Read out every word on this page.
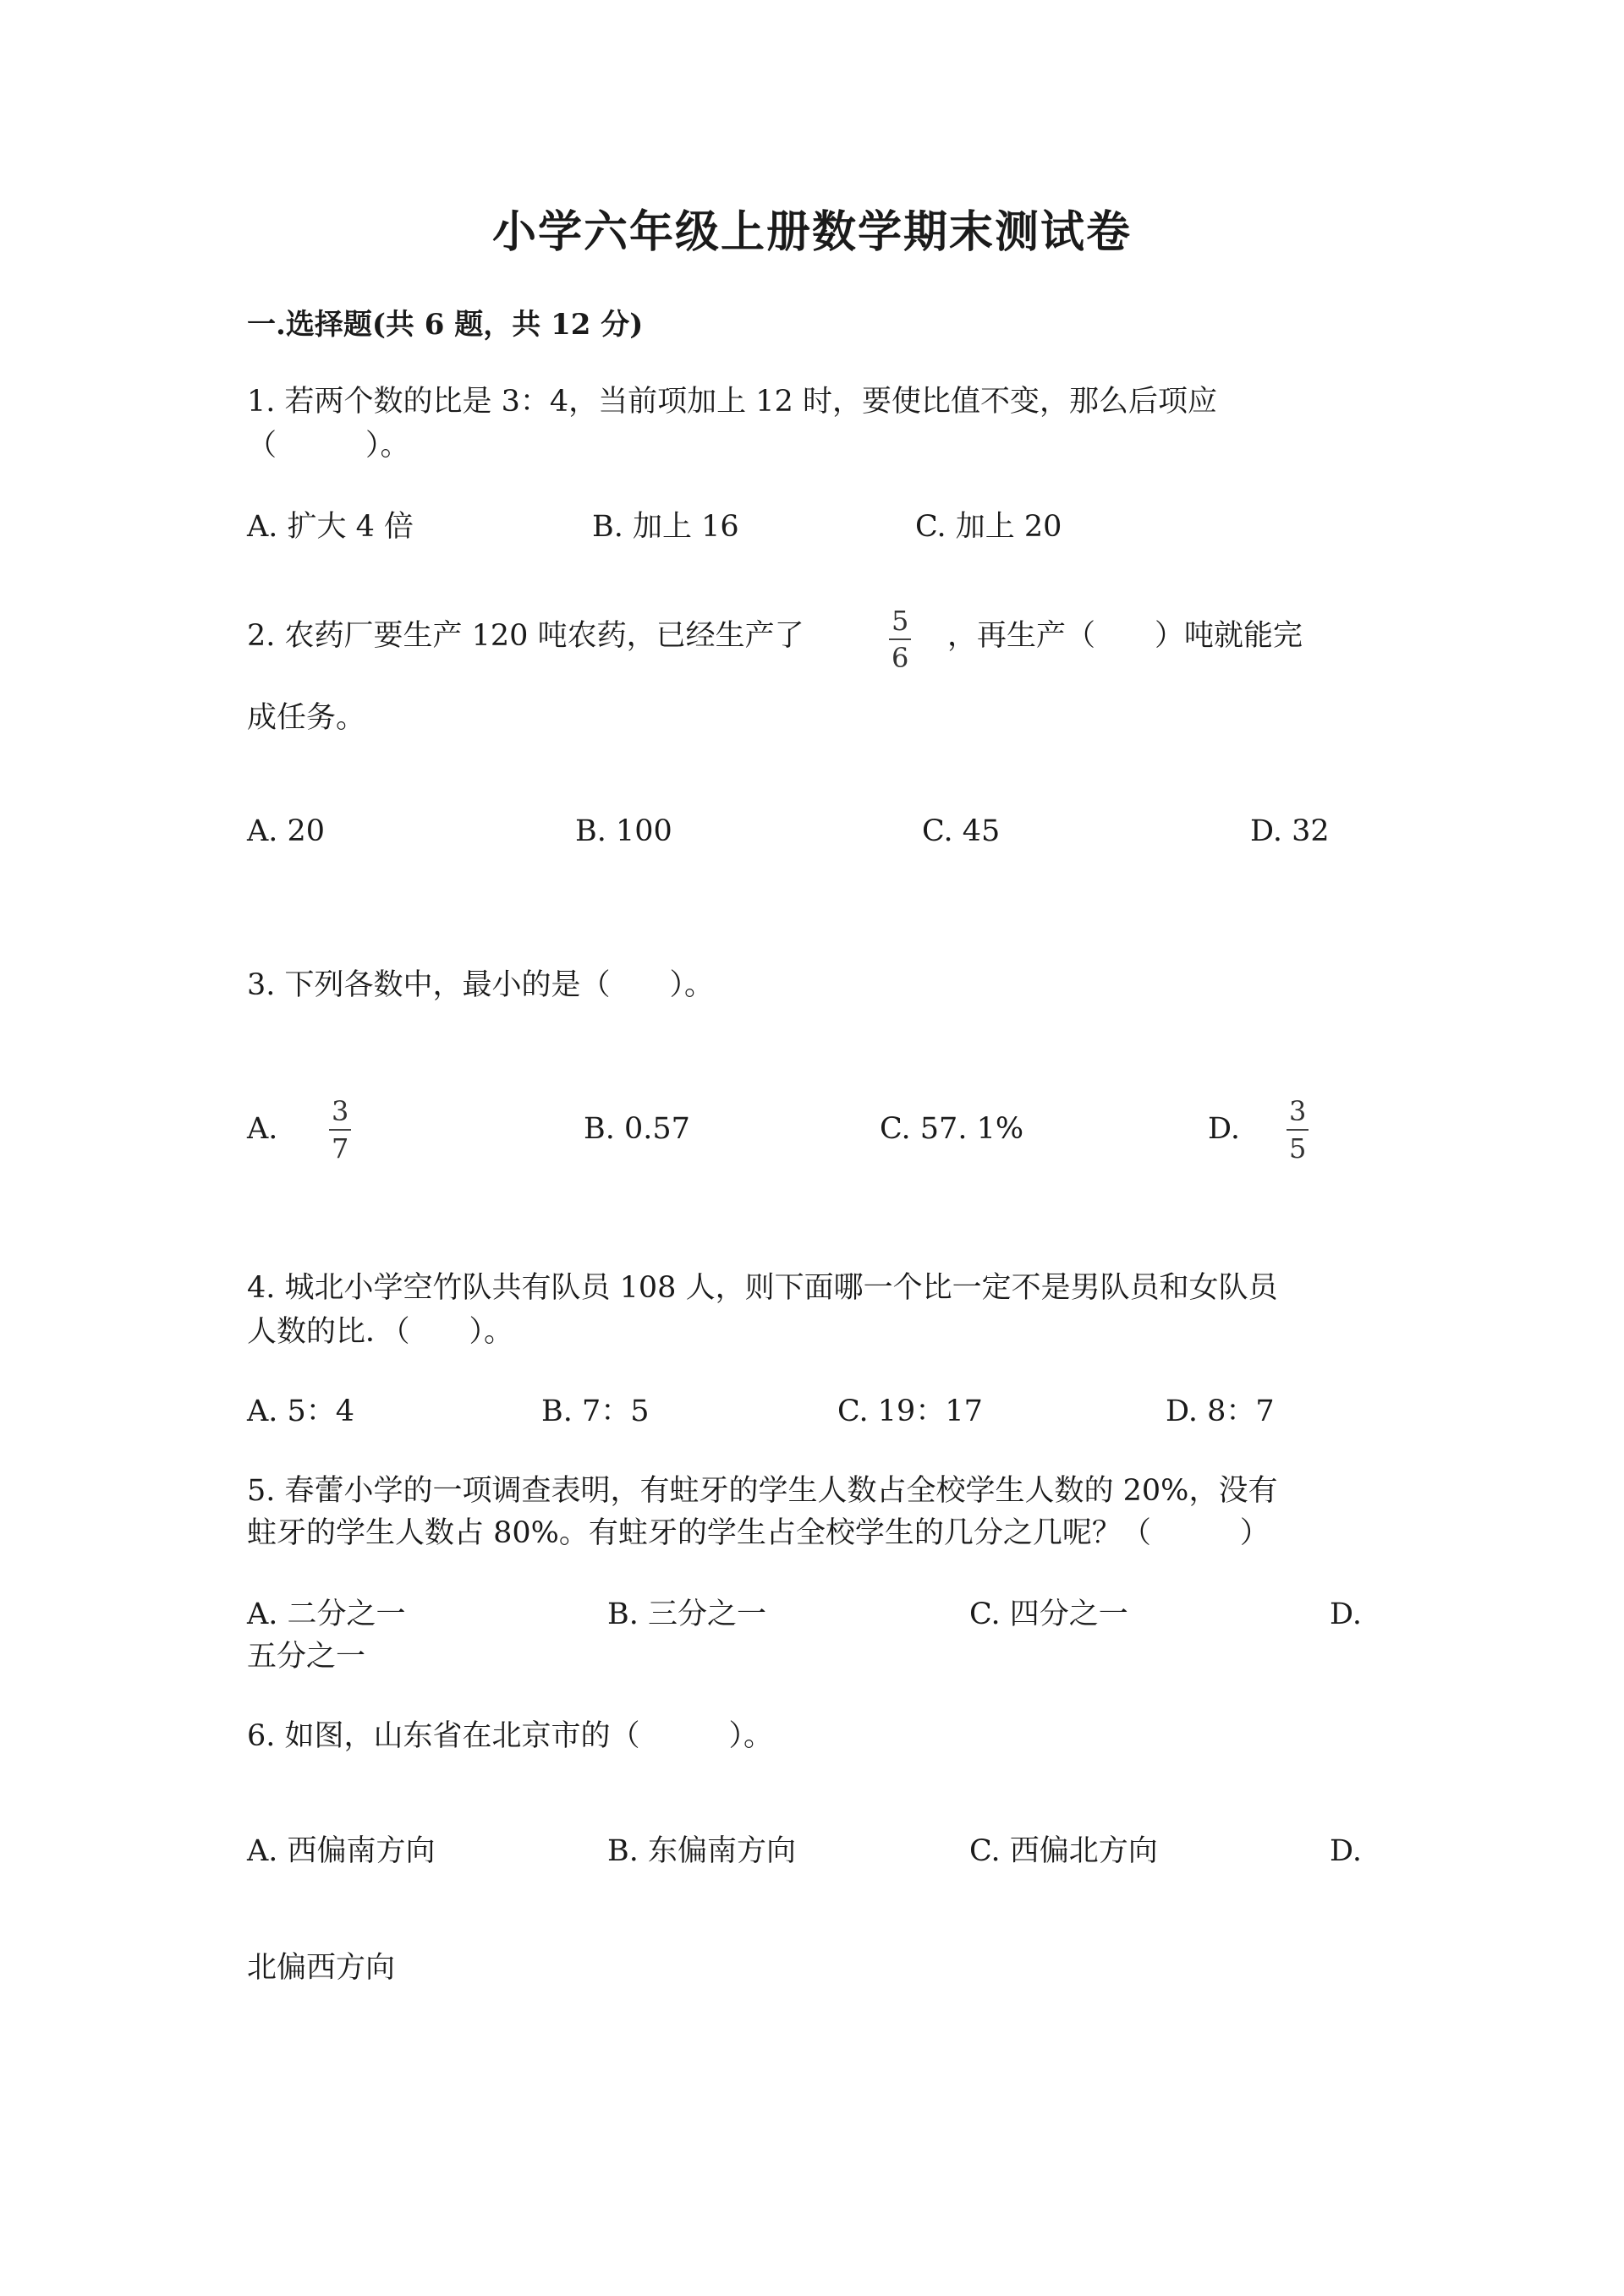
小学六年级上册数学期末测试卷
一.选择题(共 6 题，共 12 分)
1. 若两个数的比是 3：4，当前项加上 12 时，要使比值不变，那么后项应
（　　　）。
A. 扩大 4 倍	B. 加上 16	C. 加上 20
2. 农药厂要生产 120 吨农药，已经生产了	5
6
，再生产（　　）吨就能完
成任务。
A. 20	B. 100	C. 45	D. 32
3. 下列各数中，最小的是（　　）。
A.
3
7
B. 0.57	C. 57. 1%	D.
3
5
4. 城北小学空竹队共有队员 108 人，则下面哪一个比一定不是男队员和女队员
人数的比．（　　）。
A. 5：4	B. 7：5	C. 19：17	D. 8：7
5. 春蕾小学的一项调查表明，有蛀牙的学生人数占全校学生人数的 20%，没有
蛀牙的学生人数占 80%。有蛀牙的学生占全校学生的几分之几呢？（　　　）
A. 二分之一	B. 三分之一	C. 四分之一	D.
五分之一
6. 如图，山东省在北京市的（　　　）。
A. 西偏南方向	B. 东偏南方向	C. 西偏北方向	D.
北偏西方向
